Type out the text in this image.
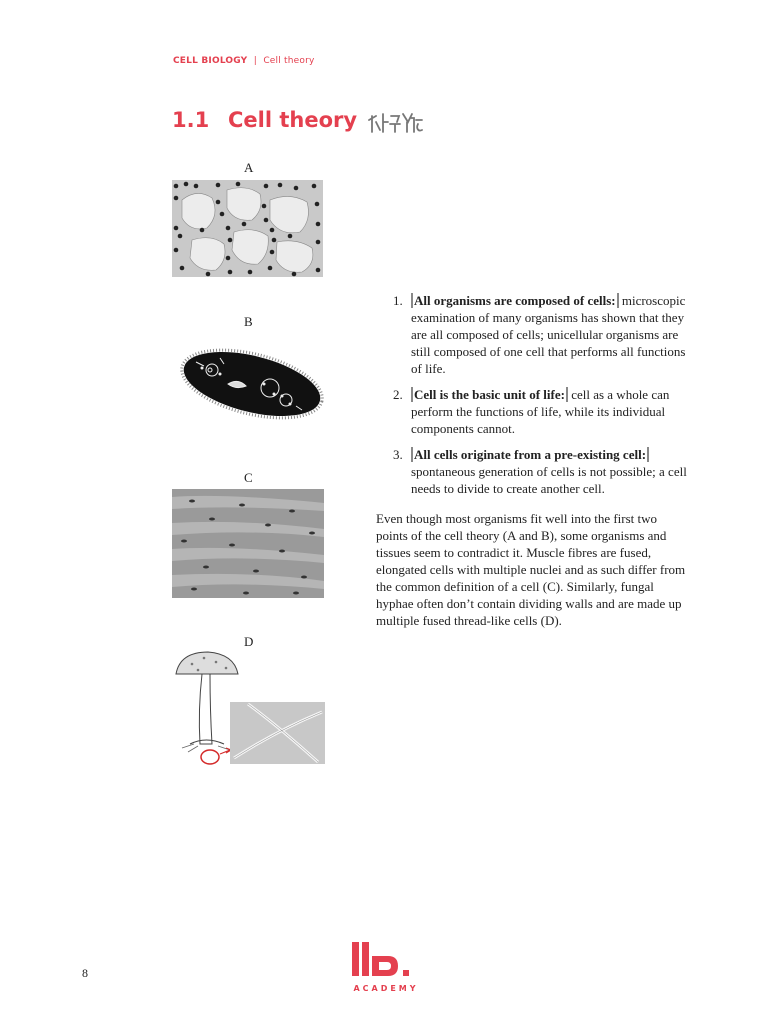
CELL BIOLOGY | Cell theory
1.1 Cell theory
A
B
C
D
1. All organisms are composed of cells: microscopic examination of many organisms has shown that they are all composed of cells; unicellular organisms are still composed of one cell that performs all functions of life.
2. Cell is the basic unit of life: cell as a whole can perform the functions of life, while its individual components cannot.
3. All cells originate from a pre-existing cell: spontaneous generation of cells is not possible; a cell needs to divide to create another cell.
Even though most organisms fit well into the first two points of the cell theory (A and B), some organisms and tissues seem to contradict it. Muscle fibres are fused, elongated cells with multiple nuclei and as such differ from the common definition of a cell (C). Similarly, fungal hyphae often don’t contain dividing walls and are made up multiple fused thread-like cells (D).
8
ACADEMY
